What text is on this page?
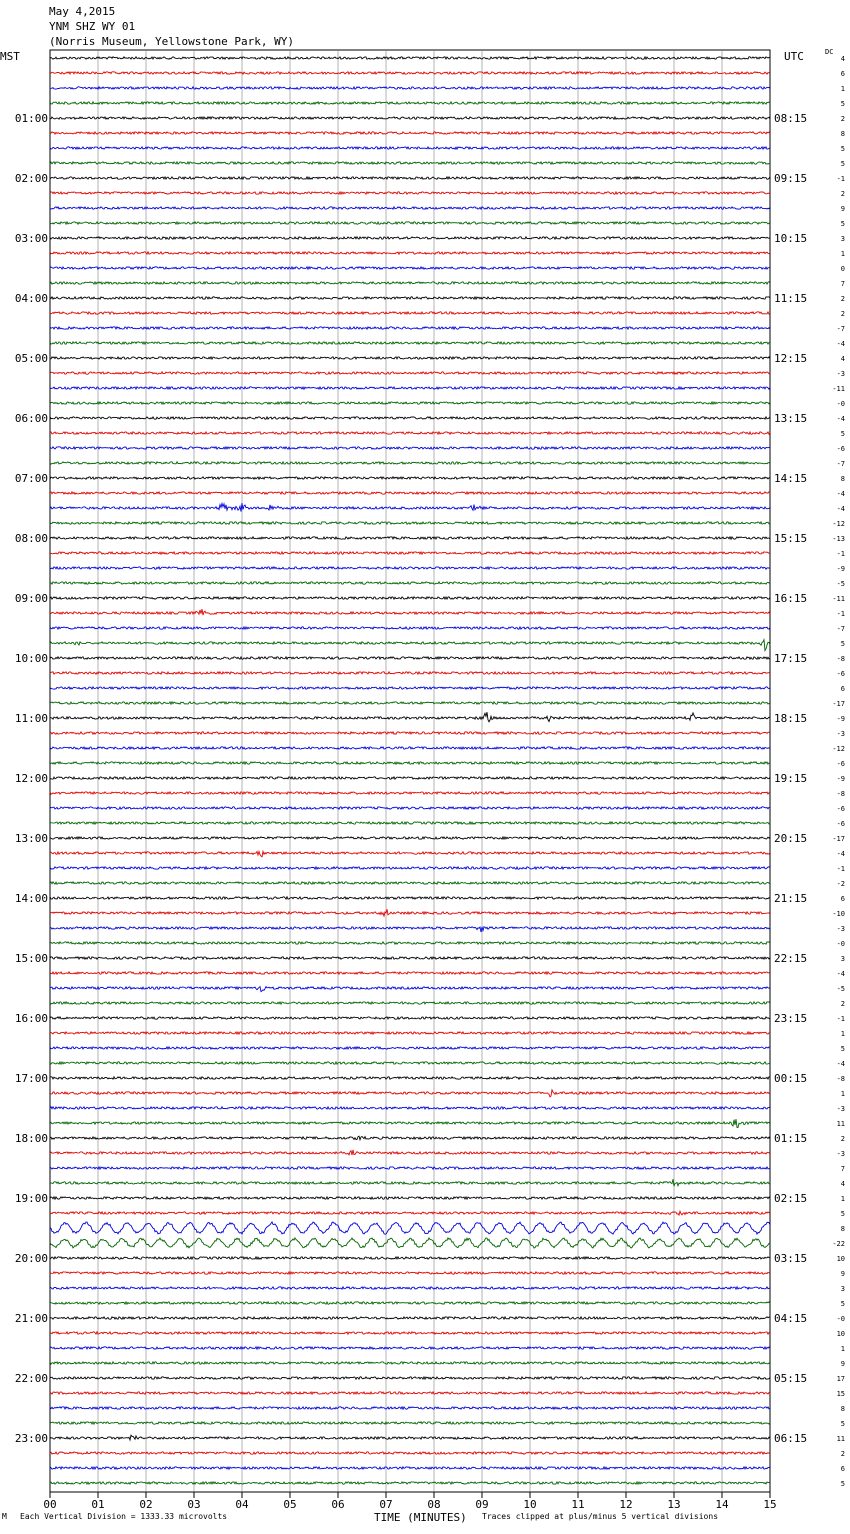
May 4,2015
YNM SHZ WY 01
(Norris Museum, Yellowstone Park, WY)
MST	UTC	DC
4
6
1
5
2
8
5
5
-1
2
9
5
3
1
0
7
2
2
-7
-4
4
-3
-11
-0
-4
5
-6
-7
8
-4
-4
-12
-13
-1
-9
-5
-11
-1
-7
5
-8
-6
6
-17
-9
-3
-12
-6
-9
-8
-6
-6
-17
-4
-1
-2
6
-10
-3
-0
3
-4
-5
2
-1
1
5
-4
-8
1
-3
11
2
-3
7
4
1
5
8
-22
10
9
3
5
-0
10
1
9
17
15
8
5
11
2
6
5
01:00
02:00
03:00
04:00
05:00
06:00
07:00
08:00
09:00
10:00
11:00
12:00
13:00
14:00
15:00
16:00
17:00
18:00
19:00
20:00
21:00
22:00
23:00
08:15
09:15
10:15
11:15
12:15
13:15
14:15
15:15
16:15
17:15
18:15
19:15
20:15
21:15
22:15
23:15
00:15
01:15
02:15
03:15
04:15
05:15
06:15
00	01	02	03	04	05	06	07	08	09	10	11	12	13	14	15
M Each Vertical Division = 1333.33 microvolts	TIME (MINUTES) Traces clipped at plus/minus 5 vertical divisions
